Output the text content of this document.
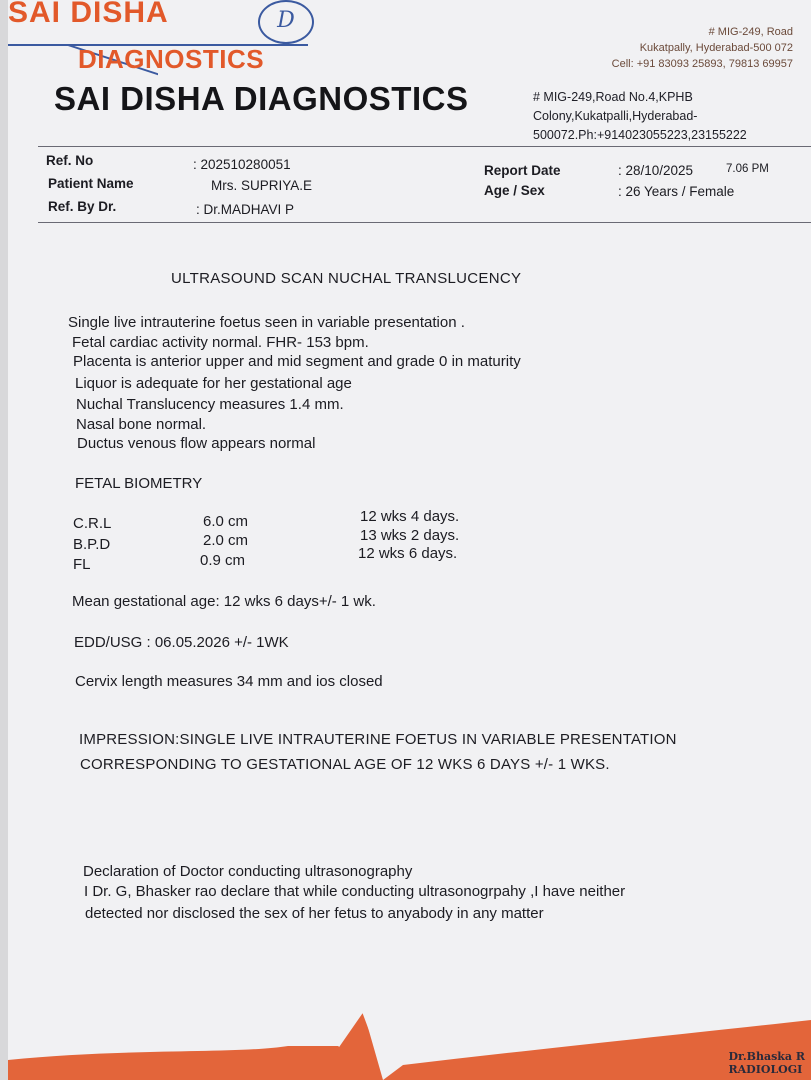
SAI DISHA
DIAGNOSTICS
D	# MIG-249, Road
Kukatpally, Hyderabad-500 072
Cell: +91 83093 25893, 79813 69957
SAI DISHA DIAGNOSTICS	# MIG-249,Road No.4,KPHB
Colony,Kukatpalli,Hyderabad-
500072.Ph:+914023055223,23155222
Ref. No	: 202510280051
Patient Name	Mrs. SUPRIYA.E
Ref. By Dr.	: Dr.MADHAVI P
Report Date	: 28/10/2025	7.06 PM
Age / Sex	: 26 Years / Female
ULTRASOUND SCAN NUCHAL TRANSLUCENCY
Single live intrauterine foetus seen in variable presentation .
Fetal cardiac activity normal. FHR- 153 bpm.
Placenta is anterior upper and mid segment and grade 0 in maturity
Liquor is adequate for her gestational age
Nuchal Translucency measures 1.4 mm.
Nasal bone normal.
Ductus venous flow appears normal
FETAL BIOMETRY
C.R.L	6.0 cm	12 wks 4 days.
B.P.D	2.0 cm	13 wks 2 days.
FL	0.9 cm	12 wks 6 days.
Mean gestational age: 12 wks 6 days+/- 1 wk.
EDD/USG : 06.05.2026 +/- 1WK
Cervix length measures 34 mm and ios closed
IMPRESSION:SINGLE LIVE INTRAUTERINE FOETUS IN VARIABLE PRESENTATION
CORRESPONDING TO GESTATIONAL AGE OF 12 WKS 6 DAYS +/- 1 WKS.
Declaration of Doctor conducting ultrasonography
I Dr. G, Bhasker rao declare that while conducting ultrasonogrpahy ,I have neither
detected nor disclosed the sex of her fetus to anyabody in any matter
Dr.Bhaska R
RADIOLOGI
